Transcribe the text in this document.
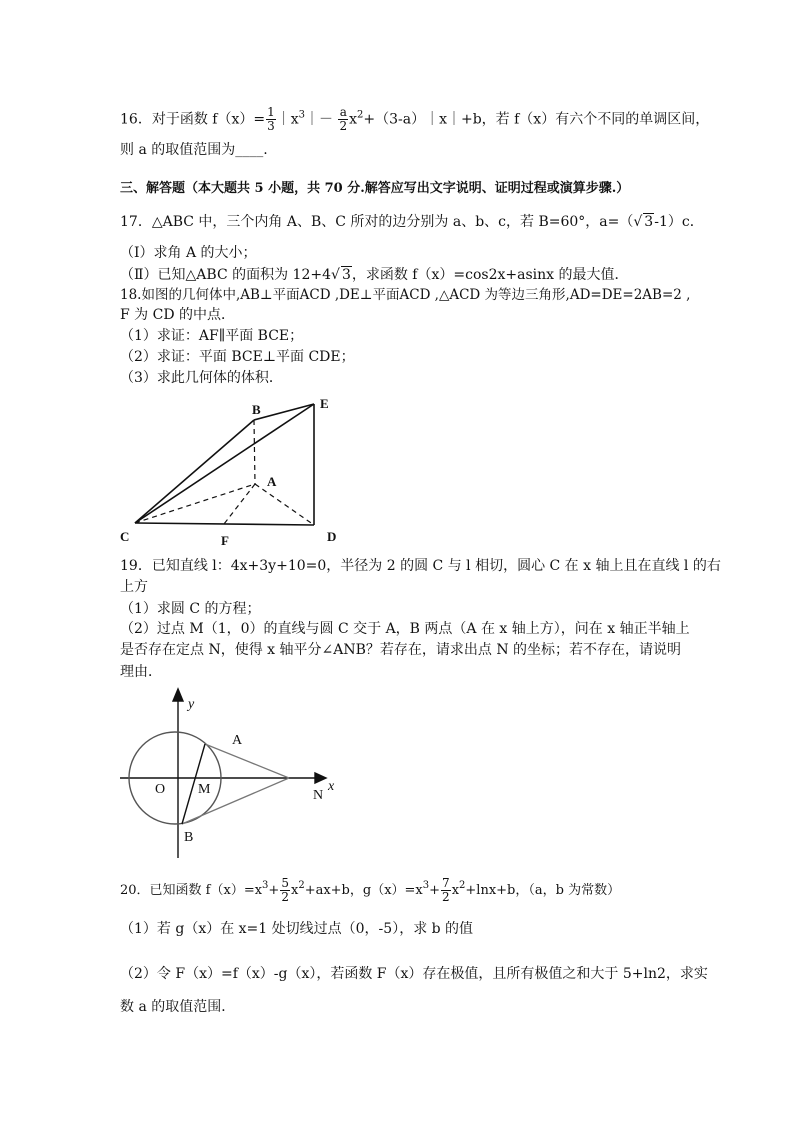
16．对于函数 $f(x)= \frac{1}{3}$ $|x^3|- \frac{a}{2}$ $x^2+(3-a)|x|+b$，若 f（x）有六个不同的单调区间，
则 a 的取值范围为____.
三、解答题（本大题共 5 小题，共 70 分.解答应写出文字说明、证明过程或演算步骤.）
17．△ABC 中，三个内角 A、B、C 所对的边分别为 a、b、c，若 B=60°，a=（√ 3-1）c．
（Ⅰ）求角 A 的大小；
（Ⅱ）已知△ABC 的面积为 12+4√ 3，求函数 f（x）=cos2x+asinx 的最大值．
18.如图的几何体中,AB⊥平面ACD ,DE⊥平面ACD ,△ACD 为等边三角形,AD=DE=2AB=2 ,
F 为 CD 的中点．
（1）求证：AF∥平面 BCE；
（2）求证：平面 BCE⊥平面 CDE；
（3）求此几何体的体积．
B	E
A
C	D
F
19．已知直线 l：4x+3y+10=0，半径为 2 的圆 C 与 l 相切，圆心 C 在 x 轴上且在直线 l 的右
上方
（1）求圆 C 的方程；
（2）过点 M（1，0）的直线与圆 C 交于 A，B 两点（A 在 x 轴上方），问在 x 轴正半轴上
是否存在定点 N，使得 x 轴平分∠ANB？若存在，请求出点 N 的坐标；若不存在，请说明
理由．
y
x
A
O M	N
B
20．已知函数 $f(x)=x^3+ \frac{5}{2} x^2+ax+b$，$g(x)=x^3+ \frac{7}{2} x^2+\ln x+b$，（a，b 为常数）
（1）若 g（x）在 x=1 处切线过点（0，-5），求 b 的值
（2）令 F（x）=f（x）-g（x），若函数 F（x）存在极值，且所有极值之和大于 5+ln2，求实
数 a 的取值范围．
